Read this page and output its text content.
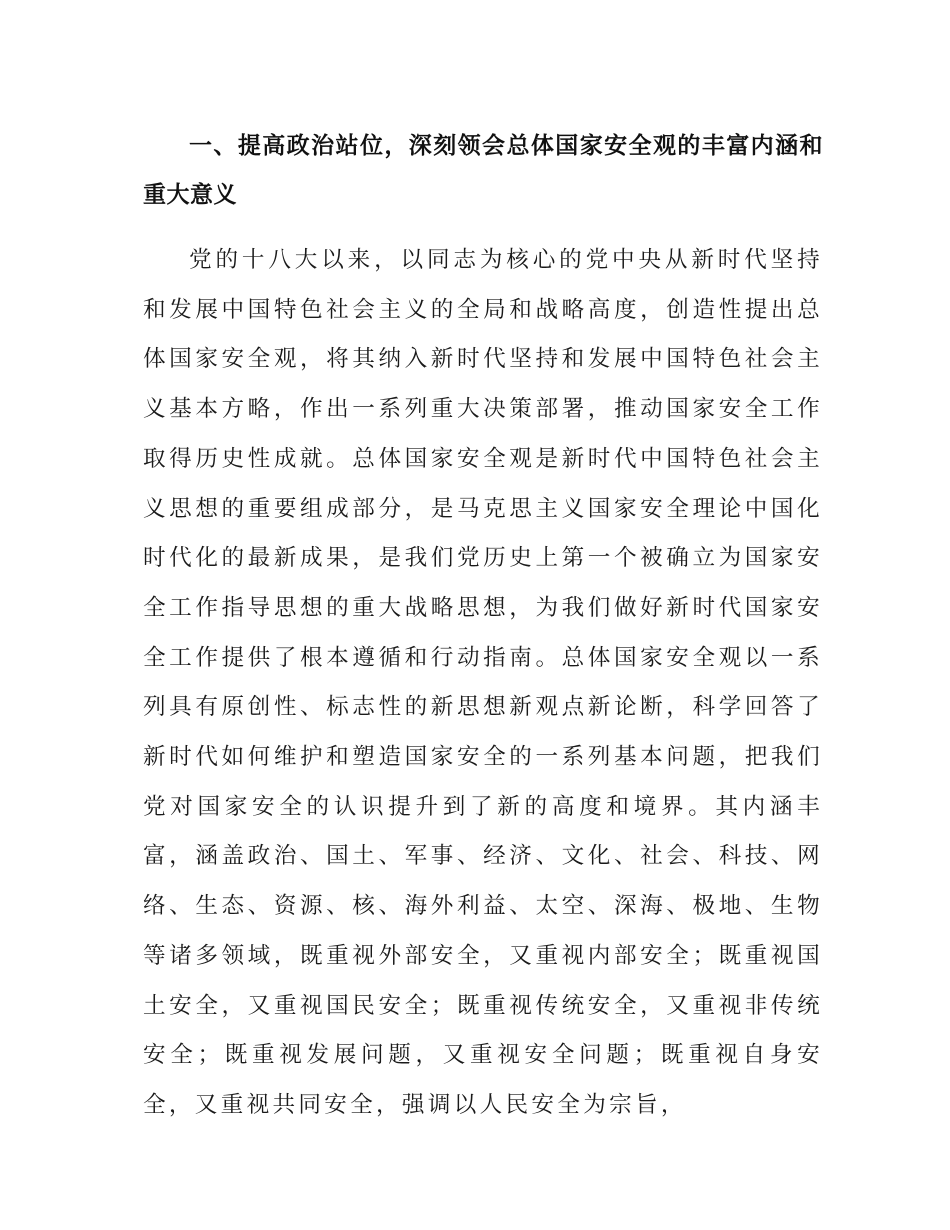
一、提高政治站位，深刻领会总体国家安全观的丰富内涵和重大意义

党的十八大以来，以同志为核心的党中央从新时代坚持和发展中国特色社会主义的全局和战略高度，创造性提出总体国家安全观，将其纳入新时代坚持和发展中国特色社会主义基本方略，作出一系列重大决策部署，推动国家安全工作取得历史性成就。总体国家安全观是新时代中国特色社会主义思想的重要组成部分，是马克思主义国家安全理论中国化时代化的最新成果，是我们党历史上第一个被确立为国家安全工作指导思想的重大战略思想，为我们做好新时代国家安全工作提供了根本遵循和行动指南。总体国家安全观以一系列具有原创性、标志性的新思想新观点新论断，科学回答了新时代如何维护和塑造国家安全的一系列基本问题，把我们党对国家安全的认识提升到了新的高度和境界。其内涵丰富，涵盖政治、国土、军事、经济、文化、社会、科技、网络、生态、资源、核、海外利益、太空、深海、极地、生物等诸多领域，既重视外部安全，又重视内部安全；既重视国土安全，又重视国民安全；既重视传统安全，又重视非传统安全；既重视发展问题，又重视安全问题；既重视自身安全，又重视共同安全，强调以人民安全为宗旨，
